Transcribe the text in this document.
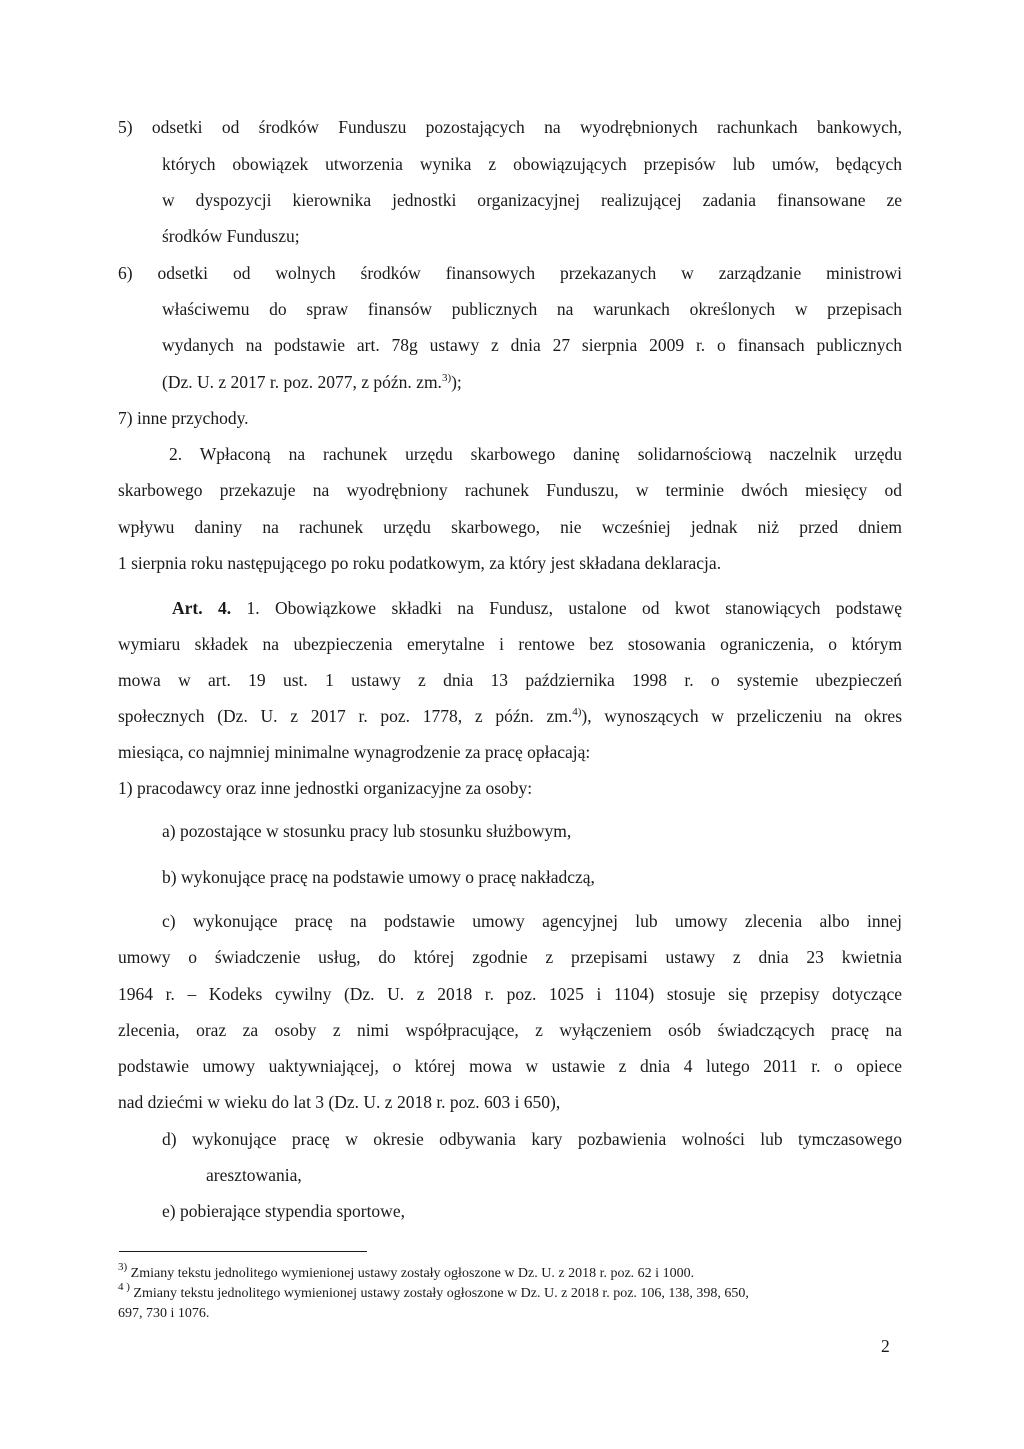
5) odsetki od środków Funduszu pozostających na wyodrębnionych rachunkach bankowych,
których obowiązek utworzenia wynika z obowiązujących przepisów lub umów, będących
w dyspozycji kierownika jednostki organizacyjnej realizującej zadania finansowane ze
środków Funduszu;
6) odsetki od wolnych środków finansowych przekazanych w zarządzanie ministrowi
właściwemu do spraw finansów publicznych na warunkach określonych w przepisach
wydanych na podstawie art. 78g ustawy z dnia 27 sierpnia 2009 r. o finansach publicznych
(Dz. U. z 2017 r. poz. 2077, z późn. zm.$^{3)}$);
7) inne przychody.
2. Wpłaconą na rachunek urzędu skarbowego daninę solidarnościową naczelnik urzędu
skarbowego przekazuje na wyodrębniony rachunek Funduszu, w terminie dwóch miesięcy od
wpływu daniny na rachunek urzędu skarbowego, nie wcześniej jednak niż przed dniem
1 sierpnia roku następującego po roku podatkowym, za który jest składana deklaracja.
Art. 4. 1. Obowiązkowe składki na Fundusz, ustalone od kwot stanowiących podstawę
wymiaru składek na ubezpieczenia emerytalne i rentowe bez stosowania ograniczenia, o którym
mowa w art. 19 ust. 1 ustawy z dnia 13 października 1998 r. o systemie ubezpieczeń
społecznych (Dz. U. z 2017 r. poz. 1778, z późn. zm.$^{4)}$), wynoszących w przeliczeniu na okres
miesiąca, co najmniej minimalne wynagrodzenie za pracę opłacają:
1) pracodawcy oraz inne jednostki organizacyjne za osoby:
a) pozostające w stosunku pracy lub stosunku służbowym,
b) wykonujące pracę na podstawie umowy o pracę nakładczą,
c) wykonujące pracę na podstawie umowy agencyjnej lub umowy zlecenia albo innej
umowy o świadczenie usług, do której zgodnie z przepisami ustawy z dnia 23 kwietnia
1964 r. – Kodeks cywilny (Dz. U. z 2018 r. poz. 1025 i 1104) stosuje się przepisy dotyczące
zlecenia, oraz za osoby z nimi współpracujące, z wyłączeniem osób świadczących pracę na
podstawie umowy uaktywniającej, o której mowa w ustawie z dnia 4 lutego 2011 r. o opiece
nad dziećmi w wieku do lat 3 (Dz. U. z 2018 r. poz. 603 i 650),
d) wykonujące pracę w okresie odbywania kary pozbawienia wolności lub tymczasowego
aresztowania,
e) pobierające stypendia sportowe,
$^{3)}$ Zmiany tekstu jednolitego wymienionej ustawy zostały ogłoszone w Dz. U. z 2018 r. poz. 62 i 1000.
$^{4 )}$ Zmiany tekstu jednolitego wymienionej ustawy zostały ogłoszone w Dz. U. z 2018 r. poz. 106, 138, 398, 650,
697, 730 i 1076.
2
